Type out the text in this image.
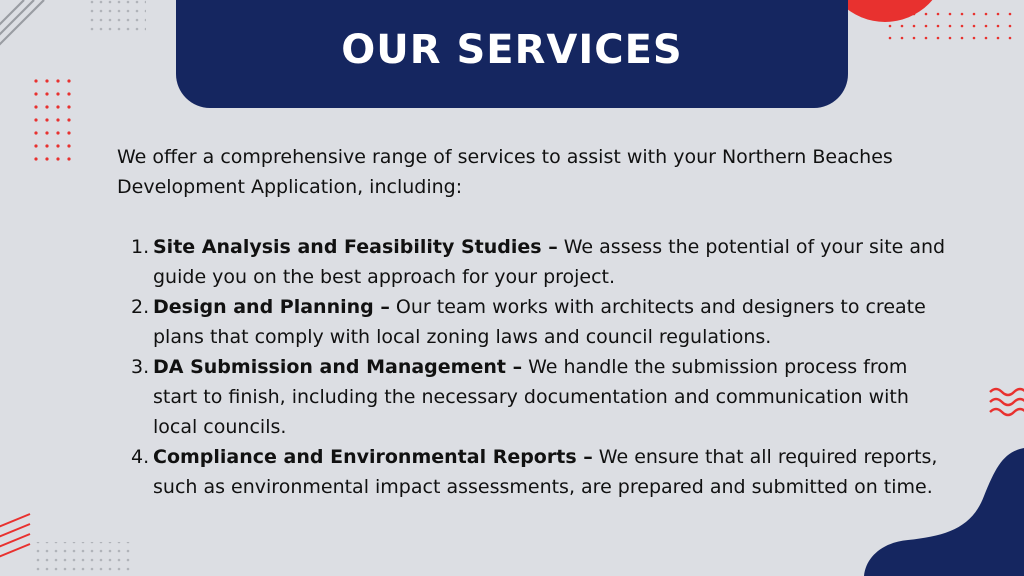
OUR SERVICES

We offer a comprehensive range of services to assist with your Northern Beaches Development Application, including:

1. Site Analysis and Feasibility Studies – We assess the potential of your site and guide you on the best approach for your project.
2. Design and Planning – Our team works with architects and designers to create plans that comply with local zoning laws and council regulations.
3. DA Submission and Management – We handle the submission process from start to finish, including the necessary documentation and communication with local councils.
4. Compliance and Environmental Reports – We ensure that all required reports, such as environmental impact assessments, are prepared and submitted on time.
